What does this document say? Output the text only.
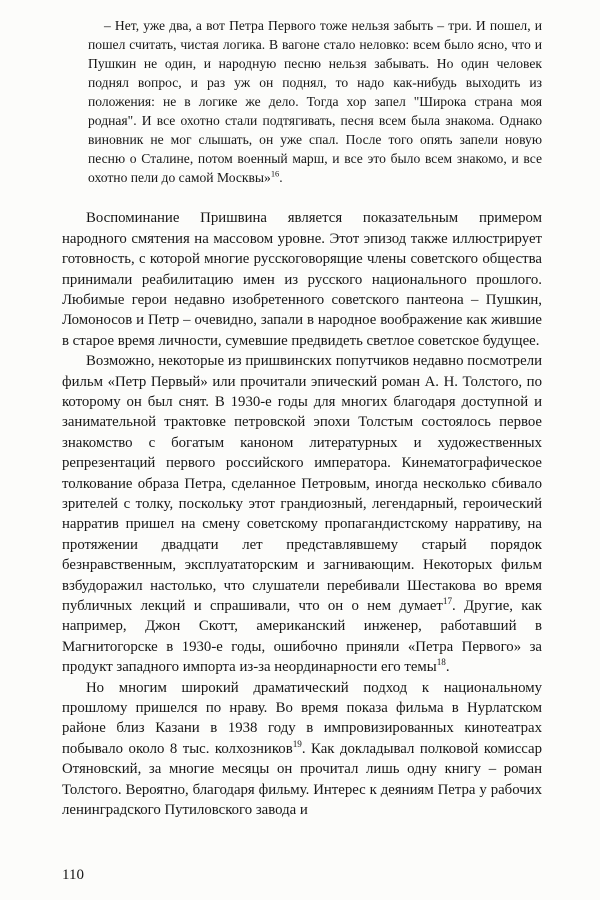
– Нет, уже два, а вот Петра Первого тоже нельзя забыть – три. И пошел, и пошел считать, чистая логика. В вагоне стало неловко: всем было ясно, что и Пушкин не один, и народную песню нельзя забывать. Но один человек поднял вопрос, и раз уж он поднял, то надо как-нибудь выходить из положения: не в логике же дело. Тогда хор запел "Широка страна моя родная". И все охотно стали подтягивать, песня всем была знакома. Однако виновник не мог слышать, он уже спал. После того опять запели новую песню о Сталине, потом военный марш, и все это было всем знакомо, и все охотно пели до самой Москвы»$^{16}$.

Воспоминание Пришвина является показательным примером народного смятения на массовом уровне. Этот эпизод также иллюстрирует готовность, с которой многие русскоговорящие члены советского общества принимали реабилитацию имен из русского национального прошлого. Любимые герои недавно изобретенного советского пантеона – Пушкин, Ломоносов и Петр – очевидно, запали в народное воображение как жившие в старое время личности, сумевшие предвидеть светлое советское будущее.

Возможно, некоторые из пришвинских попутчиков недавно посмотрели фильм «Петр Первый» или прочитали эпический роман А. Н. Толстого, по которому он был снят. В 1930-е годы для многих благодаря доступной и занимательной трактовке петровской эпохи Толстым состоялось первое знакомство с богатым каноном литературных и художественных репрезентаций первого российского императора. Кинематографическое толкование образа Петра, сделанное Петровым, иногда несколько сбивало зрителей с толку, поскольку этот грандиозный, легендарный, героический нарратив пришел на смену советскому пропагандистскому нарративу, на протяжении двадцати лет представлявшему старый порядок безнравственным, эксплуататорским и загнивающим. Некоторых фильм взбудоражил настолько, что слушатели перебивали Шестакова во время публичных лекций и спрашивали, что он о нем думает$^{17}$. Другие, как например, Джон Скотт, американский инженер, работавший в Магнитогорске в 1930-е годы, ошибочно приняли «Петра Первого» за продукт западного импорта из-за неординарности его темы$^{18}$.

Но многим широкий драматический подход к национальному прошлому пришелся по нраву. Во время показа фильма в Нурлатском районе близ Казани в 1938 году в импровизированных кинотеатрах побывало около 8 тыс. колхозников$^{19}$. Как докладывал полковой комиссар Отяновский, за многие месяцы он прочитал лишь одну книгу – роман Толстого. Вероятно, благодаря фильму. Интерес к деяниям Петра у рабочих ленинградского Путиловского завода и

110
